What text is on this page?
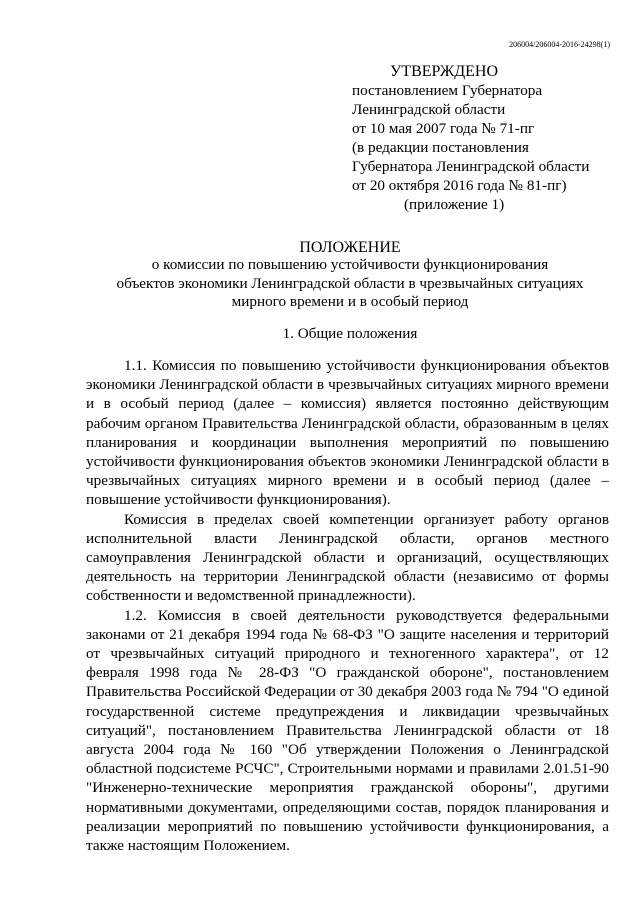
206004/206004-2016-24298(1)
УТВЕРЖДЕНО
постановлением Губернатора
Ленинградской области
от 10 мая 2007 года № 71-пг
(в редакции постановления
Губернатора Ленинградской области
от 20 октября 2016 года № 81-пг)
(приложение 1)
ПОЛОЖЕНИЕ
о комиссии по повышению устойчивости функционирования
объектов экономики Ленинградской области в чрезвычайных ситуациях
мирного времени и в особый период
1. Общие положения

1.1. Комиссия по повышению устойчивости функционирования объектов экономики Ленинградской области в чрезвычайных ситуациях мирного времени и в особый период (далее – комиссия) является постоянно действующим рабочим органом Правительства Ленинградской области, образованным в целях планирования и координации выполнения мероприятий по повышению устойчивости функционирования объектов экономики Ленинградской области в чрезвычайных ситуациях мирного времени и в особый период (далее – повышение устойчивости функционирования).

Комиссия в пределах своей компетенции организует работу органов исполнительной власти Ленинградской области, органов местного самоуправления Ленинградской области и организаций, осуществляющих деятельность на территории Ленинградской области (независимо от формы собственности и ведомственной принадлежности).

1.2. Комиссия в своей деятельности руководствуется федеральными законами от 21 декабря 1994 года № 68-ФЗ "О защите населения и территорий от чрезвычайных ситуаций природного и техногенного характера", от 12 февраля 1998 года № 28-ФЗ "О гражданской обороне", постановлением Правительства Российской Федерации от 30 декабря 2003 года № 794 "О единой государственной системе предупреждения и ликвидации чрезвычайных ситуаций", постановлением Правительства Ленинградской области от 18 августа 2004 года № 160 "Об утверждении Положения о Ленинградской областной подсистеме РСЧС", Строительными нормами и правилами 2.01.51-90 "Инженерно-технические мероприятия гражданской обороны", другими нормативными документами, определяющими состав, порядок планирования и реализации мероприятий по повышению устойчивости функционирования, а также настоящим Положением.
